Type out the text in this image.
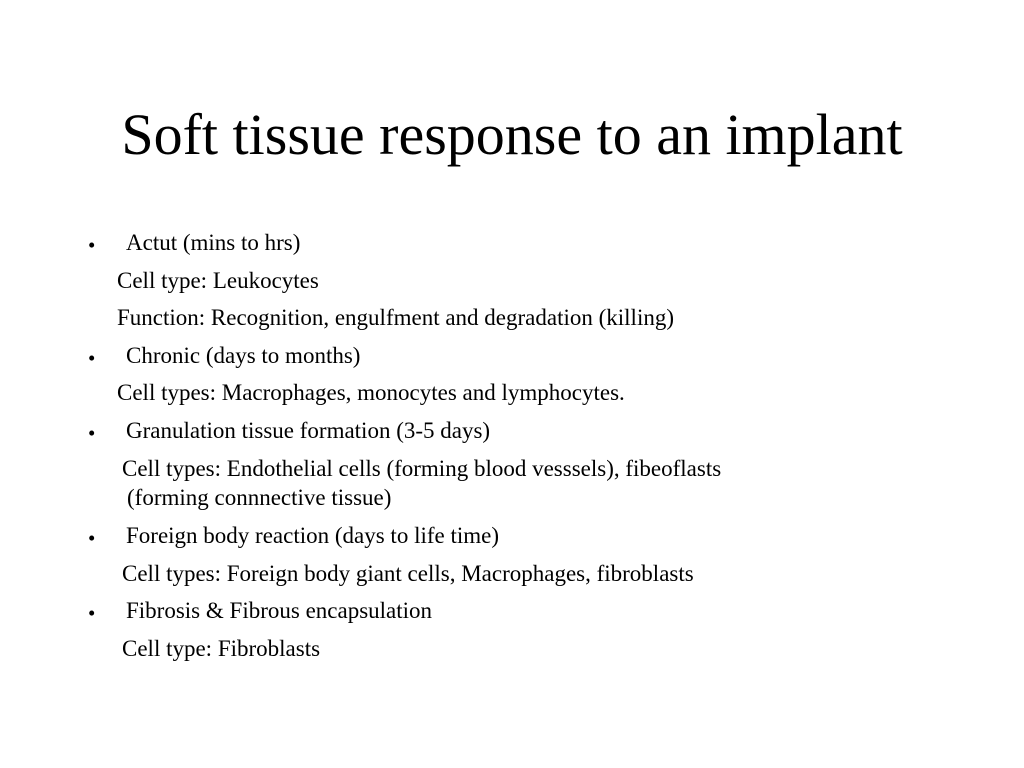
Soft tissue response to an implant
• Actut (mins to hrs)
Cell type: Leukocytes
Function: Recognition, engulfment and degradation (killing)
• Chronic (days to months)
Cell types: Macrophages, monocytes and lymphocytes.
• Granulation tissue formation (3-5 days)
Cell types: Endothelial cells (forming blood vesssels), fibeoflasts
(forming connnective tissue)
• Foreign body reaction (days to life time)
Cell types: Foreign body giant cells, Macrophages, fibroblasts
• Fibrosis & Fibrous encapsulation
Cell type: Fibroblasts
